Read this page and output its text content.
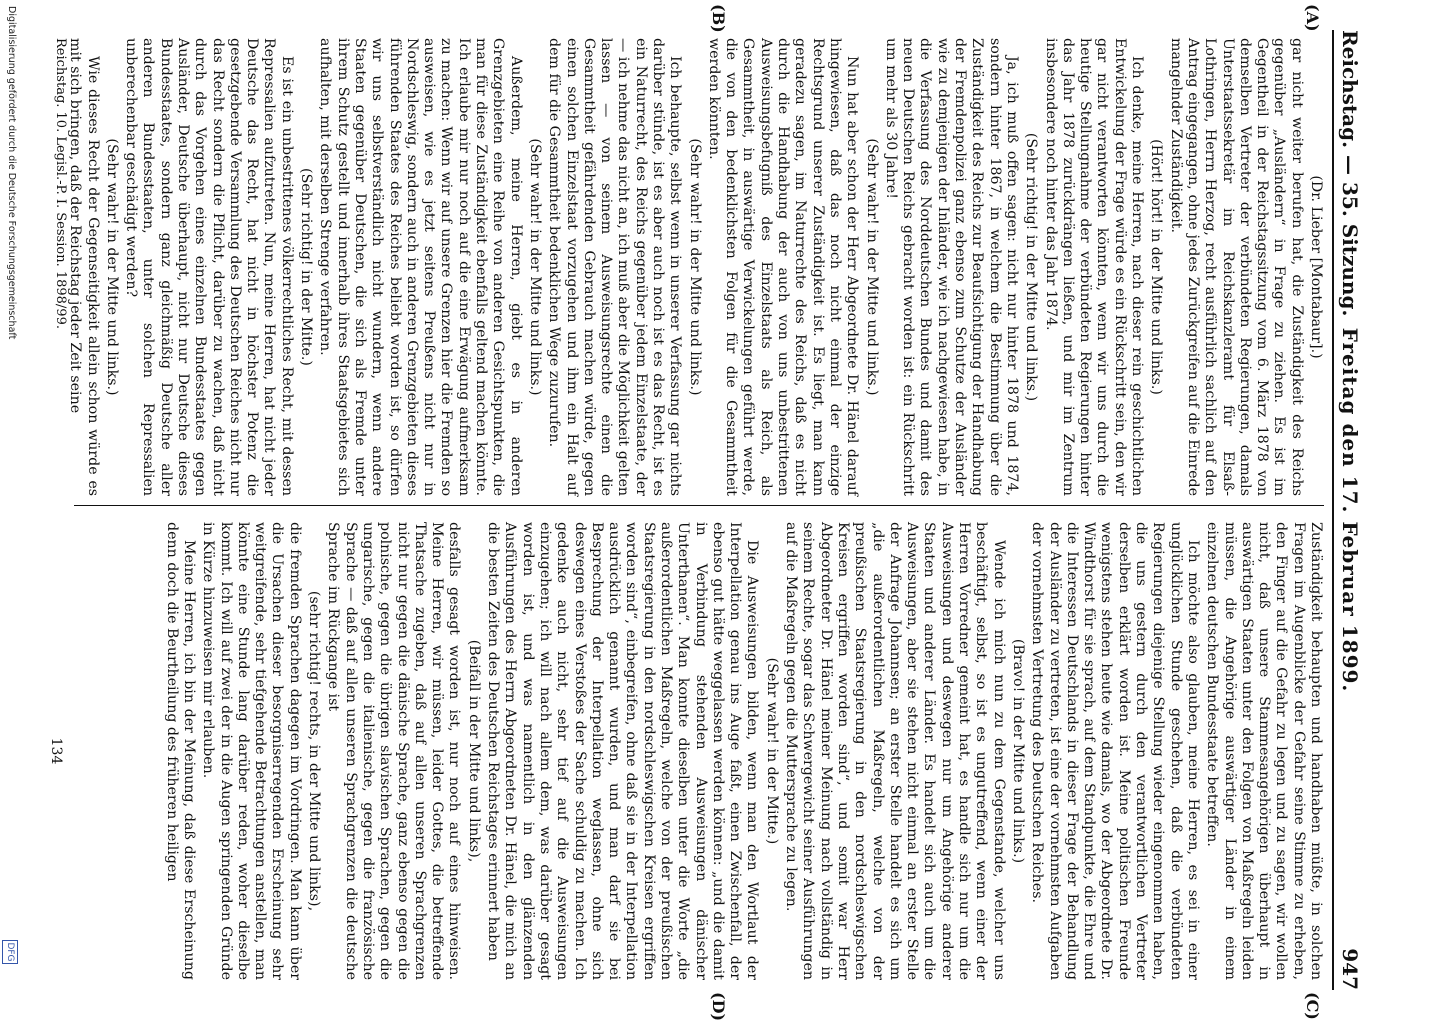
Reichstag. — 35. Sitzung.
Freitag den 17. Februar 1899.
947
(A)
(B)
(C)
(D)

(Dr. Lieber [Montabaur].)

gar nicht weiter berufen hat, die Zuständigkeit des Reichs gegenüber „Ausländern“ in Frage zu ziehen. Es ist im Gegentheil in der Reichstagssitzung vom 6. März 1878 von demselben Vertreter der verbündeten Regierungen, damals Unterstaatssekretär im Reichskanzleramt für Elsaß-Lothringen, Herrn Herzog, recht ausführlich sachlich auf den Antrag eingegangen, ohne jedes Zurückgreifen auf die Einrede mangelnder Zuständigkeit.

(Hört! hört! in der Mitte und links.)

Ich denke, meine Herren, nach dieser rein geschichtlichen Entwickelung der Frage würde es ein Rückschritt sein, den wir gar nicht verantworten könnten, wenn wir uns durch die heutige Stellungnahme der verbündeten Regierungen hinter das Jahr 1878 zurückdrängen ließen, und mir im Zentrum insbesondere noch hinter das Jahr 1874.

(Sehr richtig! in der Mitte und links.)

Ja, ich muß offen sagen: nicht nur hinter 1878 und 1874, sondern hinter 1867, in welchem die Bestimmung über die Zuständigkeit des Reichs zur Beaufsichtigung der Handhabung der Fremdenpolizei ganz ebenso zum Schutze der Ausländer wie zu demjenigen der Inländer, wie ich nachgewiesen habe, in die Verfassung des Norddeutschen Bundes und damit des neuen Deutschen Reichs gebracht worden ist: ein Rückschritt um mehr als 30 Jahre!

(Sehr wahr! in der Mitte und links.)

Nun hat aber schon der Herr Abgeordnete Dr. Hänel darauf hingewiesen, daß das noch nicht einmal der einzige Rechtsgrund unserer Zuständigkeit ist. Es liegt, man kann geradezu sagen, im Naturrechte des Reichs, daß es nicht durch die Handhabung der auch von uns unbestrittenen Ausweisungsbefugniß des Einzelstaats als Reich, als Gesammtheit, in auswärtige Verwickelungen geführt werde, die von den bedenklichsten Folgen für die Gesammtheit werden könnten.

(Sehr wahr! in der Mitte und links.)

Ich behaupte, selbst wenn in unserer Verfassung gar nichts darüber stünde, ist es aber auch noch ist es das Recht, ist es ein Naturrecht, des Reichs gegenüber jedem Einzelstaate, der — ich nehme das nicht an, ich muß aber die Möglichkeit gelten lassen — von seinem Ausweisungsrechte einen die Gesammtheit gefährdenden Gebrauch machen würde, gegen einen solchen Einzelstaat vorzugehen und ihm ein Halt auf dem für die Gesammtheit bedenklichen Wege zuzurufen.

(Sehr wahr! in der Mitte und links.)

Außerdem, meine Herren, giebt es in anderen Grenzgebieten eine Reihe von anderen Gesichtspunkten, die man für diese Zuständigkeit ebenfalls geltend machen könnte. Ich erlaube mir nur noch auf die eine Erwägung aufmerksam zu machen: Wenn wir auf unsere Grenzen hier die Fremden so ausweisen, wie es jetzt seitens Preußens nicht nur in Nordschleswig, sondern auch in anderen Grenzgebieten dieses führenden Staates des Reiches beliebt worden ist, so dürfen wir uns selbstverständlich nicht wundern, wenn andere Staaten gegenüber Deutschen, die sich als Fremde unter ihrem Schutz gestellt und innerhalb ihres Staatsgebietes sich aufhalten, mit derselben Strenge verfahren.

(Sehr richtig! in der Mitte.)

Es ist ein unbestrittenes völkerrechtliches Recht, mit dessen Repressalien aufzutreten. Nun, meine Herren, hat nicht jeder Deutsche das Recht, hat nicht in höchster Potenz die gesetzgebende Versammlung des Deutschen Reiches nicht nur das Recht sondern die Pflicht, darüber zu wachen, daß nicht durch das Vorgehen eines einzelnen Bundesstaates gegen Ausländer, Deutsche überhaupt, nicht nur Deutsche dieses Bundesstaates, sondern ganz gleichmäßig Deutsche aller anderen Bundesstaaten, unter solchen Repressalien unberechenbar geschädigt werden?

(Sehr wahr! in der Mitte und links.)

Wie dieses Recht der Gegenseitigkeit allein schon würde es mit sich bringen, daß der Reichstag jeder Zeit seine

Zuständigkeit behaupten und handhaben müßte, in solchen Fragen im Augenblicke der Gefahr seine Stimme zu erheben, den Finger auf die Gefahr zu legen und zu sagen, wir wollen nicht, daß unsere Stammesangehörigen überhaupt in auswärtigen Staaten unter den Folgen von Maßregeln leiden müssen, die Angehörige auswärtiger Länder in einem einzelnen deutschen Bundesstaate betreffen.

Ich möchte also glauben, meine Herren, es sei in einer unglücklichen Stunde geschehen, daß die verbündeten Regierungen diejenige Stellung wieder eingenommen haben, die uns gestern durch den verantwortlichen Vertreter derselben erklärt worden ist. Meine politischen Freunde wenigstens stehen heute wie damals, wo der Abgeordnete Dr. Windthorst für sie sprach, auf dem Standpunkte, die Ehre und die Interessen Deutschlands in dieser Frage der Behandlung der Ausländer zu vertreten, ist eine der vornehmsten Aufgaben der vornehmsten Vertretung des Deutschen Reiches.

(Bravo! in der Mitte und links.)

Wende ich mich nun zu dem Gegenstande, welcher uns beschäftigt, selbst, so ist es ungutreffend, wenn einer der Herren Vorredner gemeint hat, es handle sich nur um die Ausweisungen und deswegen nur um Angehörige anderer Staaten und anderer Länder. Es handelt sich auch um die Ausweisungen, aber sie stehen nicht einmal an erster Stelle der Anfrage Johannsen; an erster Stelle handelt es sich um „die außerordentlichen Maßregeln, welche von der preußischen Staatsregierung in den nordschleswigschen Kreisen ergriffen worden sind“, und somit war Herr Abgeordneter Dr. Hänel meiner Meinung nach vollständig in seinem Rechte, sogar das Schwergewicht seiner Ausführungen auf die Maßregeln gegen die Muttersprache zu legen.

(Sehr wahr! in der Mitte.)

Die Ausweisungen bilden, wenn man den Wortlaut der Interpellation genau ins Auge faßt, einen Zwischenfall, der ebenso gut hätte weggelassen werden können: „und die damit in Verbindung stehenden Ausweisungen dänischer Unterthanen“. Man konnte dieselben unter die Worte „die außerordentlichen Maßregeln, welche von der preußischen Staatsregierung in den nordschleswigschen Kreisen ergriffen worden sind“, einbegreifen, ohne daß sie in der Interpellation ausdrücklich genannt wurden, und man darf sie bei Besprechung der Interpellation weglassen, ohne sich deswegen eines Verstoßes der Sache schuldig zu machen. Ich gedenke auch nicht, sehr tief auf die Ausweisungen einzugehen; ich will nach allem dem, was darüber gesagt worden ist, und was namentlich in den glänzenden Ausführungen des Herrn Abgeordneten Dr. Hänel, die mich an die besten Zeiten des Deutschen Reichstages erinnert haben

(Beifall in der Mitte und links),

desfalls gesagt worden ist, nur noch auf eines hinweisen. Meine Herren, wir müssen, leider Gottes, die betreffende Thatsache zugeben, daß auf allen unseren Sprachgrenzen nicht nur gegen die dänische Sprache, ganz ebenso gegen die polnische, gegen die übrigen slavischen Sprachen, gegen die ungarische, gegen die italienische, gegen die französische Sprache — daß auf allen unseren Sprachgrenzen die deutsche Sprache im Rückgange ist

(sehr richtig! rechts, in der Mitte und links),

die fremden Sprachen dagegen im Vordringen. Man kann über die Ursachen dieser besorgniserregenden Erscheinung sehr weitgreifende, sehr tiefgehende Betrachtungen anstellen, man könnte eine Stunde lang darüber reden, woher dieselbe kommt. Ich will auf zwei der in die Augen springenden Gründe in Kürze hinzuweisen mir erlauben.

Meine Herren, ich bin der Meinung, daß diese Erscheinung denn doch die Beurtheilung des früheren heiligen

Reichstag. 10. Legisl.-P. I. Session. 1898/99.
134
Digitalisierung gefördert durch die Deutsche Forschungsgemeinschaft
DFG
